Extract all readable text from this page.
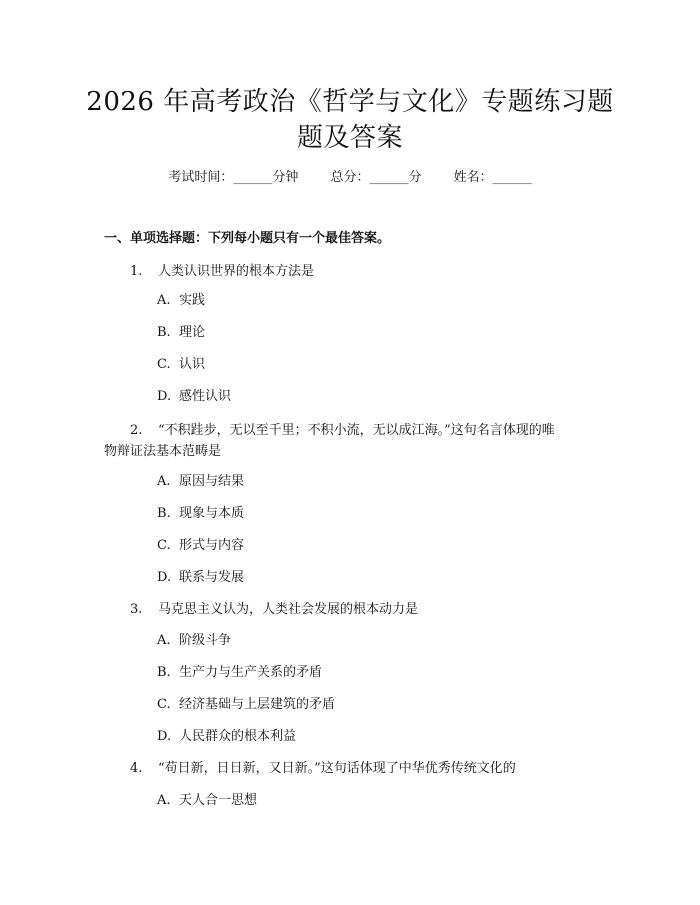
2026 年高考政治《哲学与文化》专题练习题
题及答案
考试时间：______分钟 总分：______分 姓名：______
一、单项选择题：下列每小题只有一个最佳答案。
1. 人类认识世界的根本方法是
A. 实践
B. 理论
C. 认识
D. 感性认识
2. “不积跬步，无以至千里；不积小流，无以成江海。”这句名言体现的唯
物辩证法基本范畴是
A. 原因与结果
B. 现象与本质
C. 形式与内容
D. 联系与发展
3. 马克思主义认为，人类社会发展的根本动力是
A. 阶级斗争
B. 生产力与生产关系的矛盾
C. 经济基础与上层建筑的矛盾
D. 人民群众的根本利益
4. “苟日新，日日新，又日新。”这句话体现了中华优秀传统文化的
A. 天人合一思想
